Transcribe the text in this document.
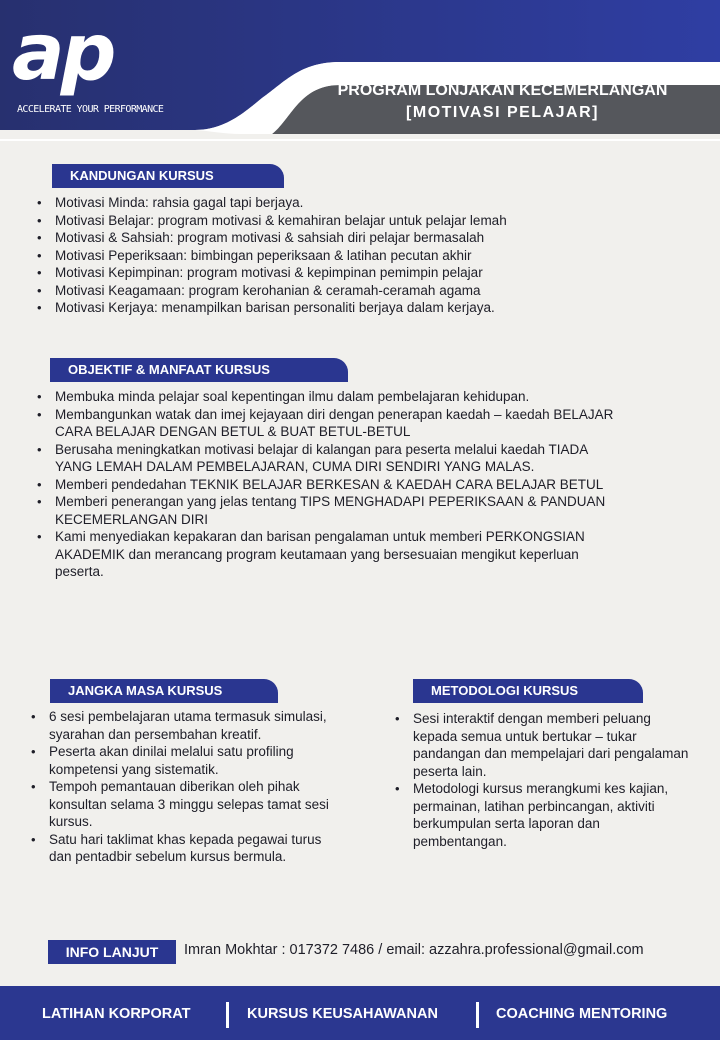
ap
ACCELERATE YOUR PERFORMANCE
PROGRAM LONJAKAN KECEMERLANGAN
[MOTIVASI PELAJAR]
KANDUNGAN KURSUS
• Motivasi Minda: rahsia gagal tapi berjaya.
• Motivasi Belajar: program motivasi & kemahiran belajar untuk pelajar lemah
• Motivasi & Sahsiah: program motivasi & sahsiah diri pelajar bermasalah
• Motivasi Peperiksaan: bimbingan peperiksaan & latihan pecutan akhir
• Motivasi Kepimpinan: program motivasi & kepimpinan pemimpin pelajar
• Motivasi Keagamaan: program kerohanian & ceramah-ceramah agama
• Motivasi Kerjaya: menampilkan barisan personaliti berjaya dalam kerjaya.
OBJEKTIF & MANFAAT KURSUS
• Membuka minda pelajar soal kepentingan ilmu dalam pembelajaran kehidupan.
• Membangunkan watak dan imej kejayaan diri dengan penerapan kaedah – kaedah BELAJAR CARA BELAJAR DENGAN BETUL & BUAT BETUL-BETUL
• Berusaha meningkatkan motivasi belajar di kalangan para peserta melalui kaedah TIADA YANG LEMAH DALAM PEMBELAJARAN, CUMA DIRI SENDIRI YANG MALAS.
• Memberi pendedahan TEKNIK BELAJAR BERKESAN & KAEDAH CARA BELAJAR BETUL
• Memberi penerangan yang jelas tentang TIPS MENGHADAPI PEPERIKSAAN & PANDUAN KECEMERLANGAN DIRI
• Kami menyediakan kepakaran dan barisan pengalaman untuk memberi PERKONGSIAN AKADEMIK dan merancang program keutamaan yang bersesuaian mengikut keperluan peserta.
JANGKA MASA KURSUS
• 6 sesi pembelajaran utama termasuk simulasi, syarahan dan persembahan kreatif.
• Peserta akan dinilai melalui satu profiling kompetensi yang sistematik.
• Tempoh pemantauan diberikan oleh pihak konsultan selama 3 minggu selepas tamat sesi kursus.
• Satu hari taklimat khas kepada pegawai turus dan pentadbir sebelum kursus bermula.
METODOLOGI KURSUS
• Sesi interaktif dengan memberi peluang kepada semua untuk bertukar – tukar pandangan dan mempelajari dari pengalaman peserta lain.
• Metodologi kursus merangkumi kes kajian, permainan, latihan perbincangan, aktiviti berkumpulan serta laporan dan pembentangan.
INFO LANJUT	Imran Mokhtar : 017372 7486 / email: azzahra.professional@gmail.com
LATIHAN KORPORAT	KURSUS KEUSAHAWANAN	COACHING MENTORING
